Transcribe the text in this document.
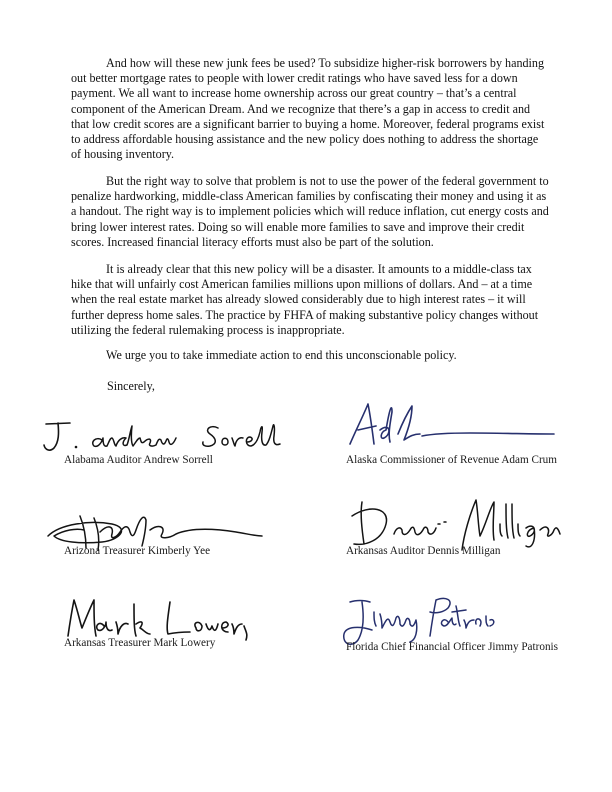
And how will these new junk fees be used? To subsidize higher-risk borrowers by handing out better mortgage rates to people with lower credit ratings who have saved less for a down payment. We all want to increase home ownership across our great country – that’s a central component of the American Dream. And we recognize that there’s a gap in access to credit and that low credit scores are a significant barrier to buying a home. Moreover, federal programs exist to address affordable housing assistance and the new policy does nothing to address the shortage of housing inventory.

But the right way to solve that problem is not to use the power of the federal government to penalize hardworking, middle-class American families by confiscating their money and using it as a handout. The right way is to implement policies which will reduce inflation, cut energy costs and bring lower interest rates. Doing so will enable more families to save and improve their credit scores. Increased financial literacy efforts must also be part of the solution.

It is already clear that this new policy will be a disaster. It amounts to a middle-class tax hike that will unfairly cost American families millions upon millions of dollars. And – at a time when the real estate market has already slowed considerably due to high interest rates – it will further depress home sales. The practice by FHFA of making substantive policy changes without utilizing the federal rulemaking process is inappropriate.

We urge you to take immediate action to end this unconscionable policy.

Sincerely,

Alabama Auditor Andrew Sorrell	Alaska Commissioner of Revenue Adam Crum
Arizona Treasurer Kimberly Yee	Arkansas Auditor Dennis Milligan
Arkansas Treasurer Mark Lowery	Florida Chief Financial Officer Jimmy Patronis
